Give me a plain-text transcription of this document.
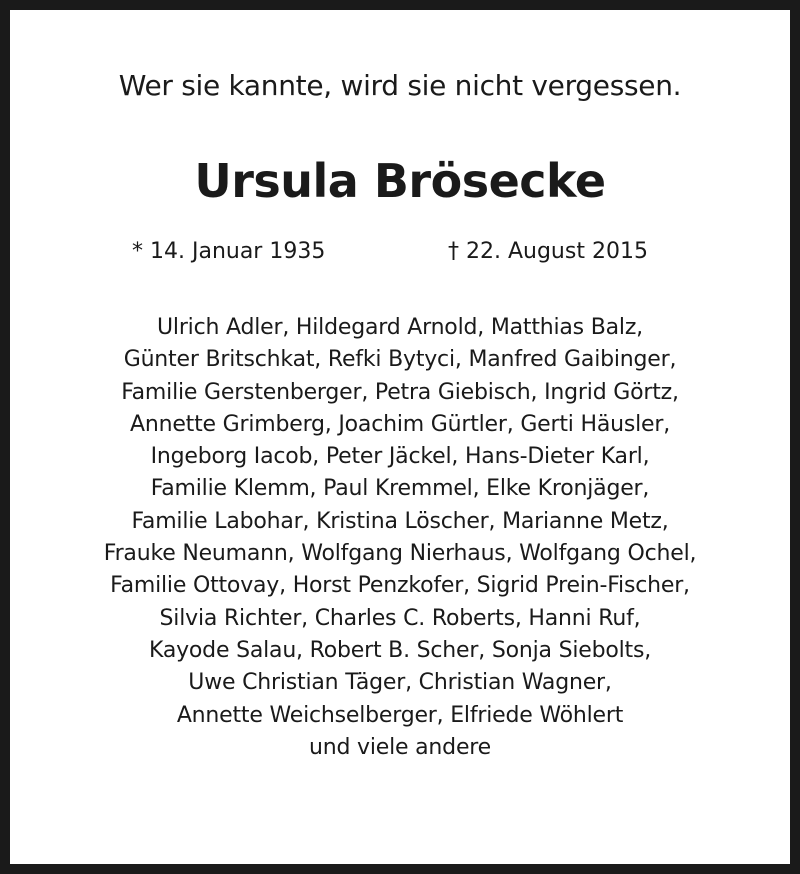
Wer sie kannte, wird sie nicht vergessen.
Ursula Brösecke
* 14. Januar 1935	† 22. August 2015
Ulrich Adler, Hildegard Arnold, Matthias Balz,
Günter Britschkat, Refki Bytyci, Manfred Gaibinger,
Familie Gerstenberger, Petra Giebisch, Ingrid Görtz,
Annette Grimberg, Joachim Gürtler, Gerti Häusler,
Ingeborg Iacob, Peter Jäckel, Hans-Dieter Karl,
Familie Klemm, Paul Kremmel, Elke Kronjäger,
Familie Labohar, Kristina Löscher, Marianne Metz,
Frauke Neumann, Wolfgang Nierhaus, Wolfgang Ochel,
Familie Ottovay, Horst Penzkofer, Sigrid Prein-Fischer,
Silvia Richter, Charles C. Roberts, Hanni Ruf,
Kayode Salau, Robert B. Scher, Sonja Siebolts,
Uwe Christian Täger, Christian Wagner,
Annette Weichselberger, Elfriede Wöhlert
und viele andere
